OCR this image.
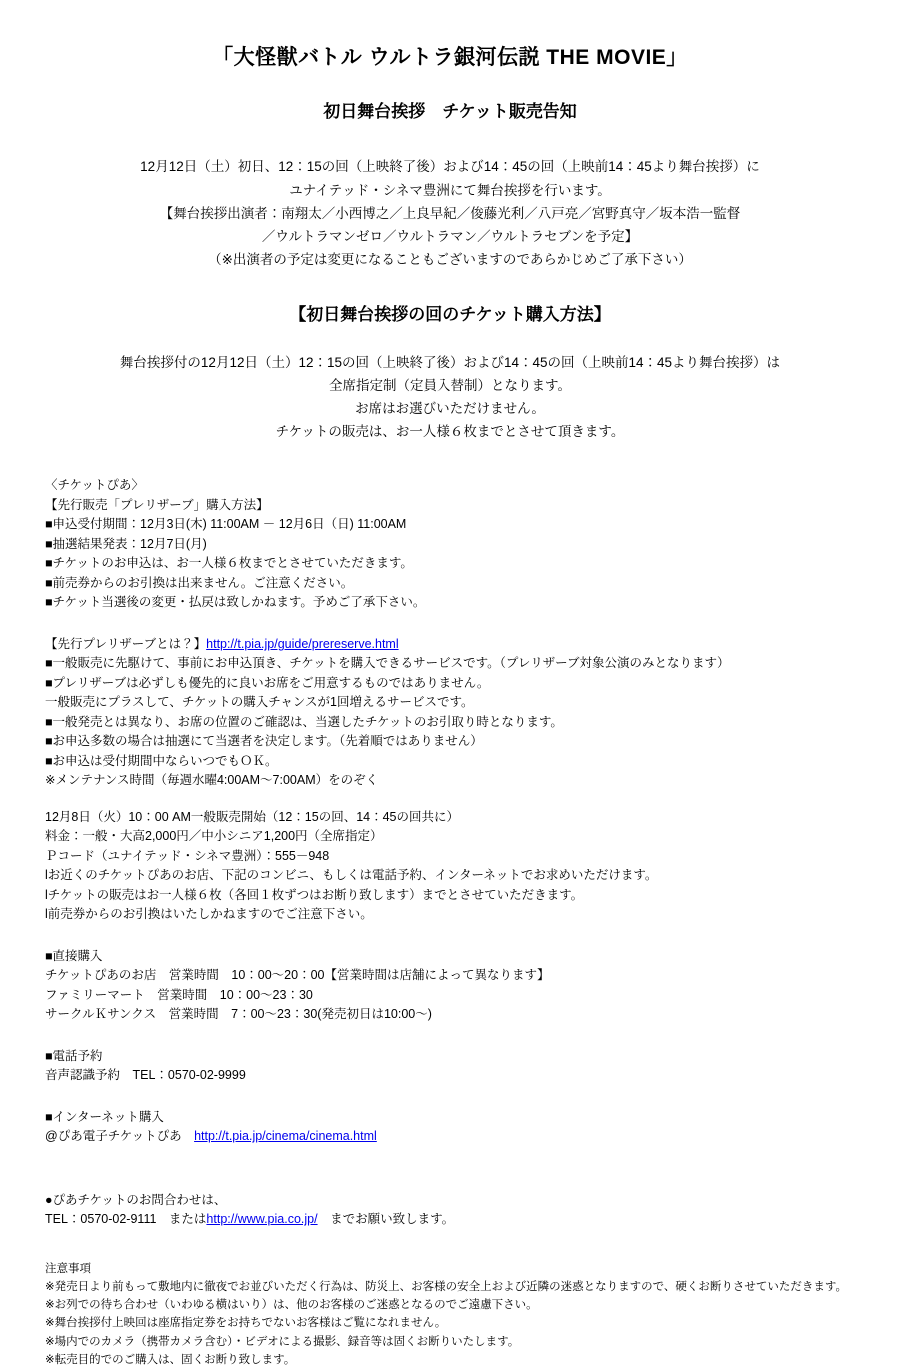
「大怪獣バトル ウルトラ銀河伝説 THE MOVIE」
初日舞台挨拶　チケット販売告知
12月12日（土）初日、12：15の回（上映終了後）および14：45の回（上映前14：45より舞台挨拶）に
ユナイテッド・シネマ豊洲にて舞台挨拶を行います。
【舞台挨拶出演者：南翔太／小西博之／上良早紀／俊藤光利／八戸亮／宮野真守／坂本浩一監督
／ウルトラマンゼロ／ウルトラマン／ウルトラセブンを予定】
（※出演者の予定は変更になることもございますのであらかじめご了承下さい）
【初日舞台挨拶の回のチケット購入方法】
舞台挨拶付の12月12日（土）12：15の回（上映終了後）および14：45の回（上映前14：45より舞台挨拶）は
全席指定制（定員入替制）となります。
お席はお選びいただけません。
チケットの販売は、お一人様６枚までとさせて頂きます。
〈チケットぴあ〉
【先行販売「プレリザーブ」購入方法】
■申込受付期間：12月3日(木) 11:00AM － 12月6日（日) 11:00AM
■抽選結果発表：12月7日(月)
■チケットのお申込は、お一人様６枚までとさせていただきます。
■前売券からのお引換は出来ません。ご注意ください。
■チケット当選後の変更・払戻は致しかねます。予めご了承下さい。
【先行プレリザーブとは？】http://t.pia.jp/guide/prereserve.html
■一般販売に先駆けて、事前にお申込頂き、チケットを購入できるサービスです。（プレリザーブ対象公演のみとなります）
■プレリザーブは必ずしも優先的に良いお席をご用意するものではありません。
一般販売にプラスして、チケットの購入チャンスが1回増えるサービスです。
■一般発売とは異なり、お席の位置のご確認は、当選したチケットのお引取り時となります。
■お申込多数の場合は抽選にて当選者を決定します。（先着順ではありません）
■お申込は受付期間中ならいつでもＯＫ。
※メンテナンス時間（毎週水曜4:00AM～7:00AM）をのぞく
12月8日（火）10：00 AM一般販売開始（12：15の回、14：45の回共に）
料金：一般・大高2,000円／中小シニア1,200円（全席指定）
Ｐコード（ユナイテッド・シネマ豊洲）：555－948
lお近くのチケットぴあのお店、下記のコンビニ、もしくは電話予約、インターネットでお求めいただけます。
lチケットの販売はお一人様６枚（各回１枚ずつはお断り致します）までとさせていただきます。
l前売券からのお引換はいたしかねますのでご注意下さい。
■直接購入
チケットぴあのお店　営業時間　10：00～20：00【営業時間は店舗によって異なります】
ファミリーマート　営業時間　10：00～23：30
サークルＫサンクス　営業時間　7：00～23：30(発売初日は10:00～)
■電話予約
音声認識予約　TEL：0570-02-9999
■インターネット購入
@ぴあ電子チケットぴあ　http://t.pia.jp/cinema/cinema.html
●ぴあチケットのお問合わせは、
TEL：0570-02-9111　またはhttp://www.pia.co.jp/　までお願い致します。
注意事項
※発売日より前もって敷地内に徹夜でお並びいただく行為は、防災上、お客様の安全上および近隣の迷惑となりますので、硬くお断りさせていただきます。
※お列での待ち合わせ（いわゆる横はいり）は、他のお客様のご迷惑となるのでご遠慮下さい。
※舞台挨拶付上映回は座席指定券をお持ちでないお客様はご覧になれません。
※場内でのカメラ（携帯カメラ含む）・ビデオによる撮影、録音等は固くお断りいたします。
※転売目的でのご購入は、固くお断り致します。
